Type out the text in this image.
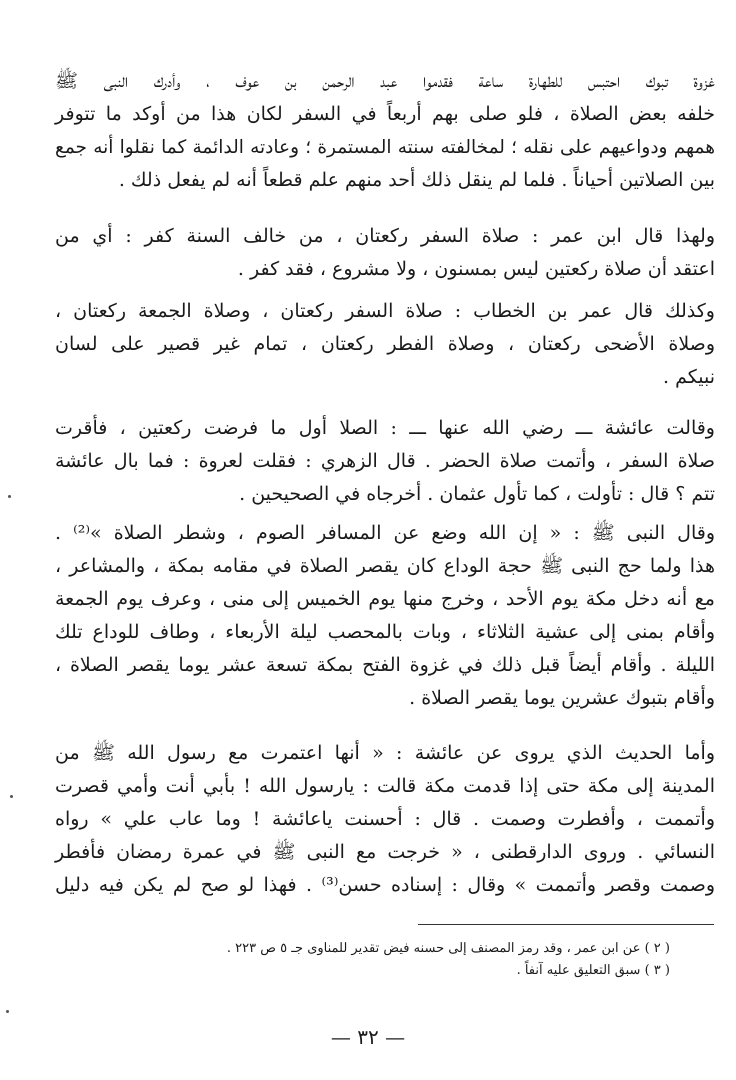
غزوة تبوك احتبس للطهارة ساعة فقدموا عبد الرحمن بن عوف ، وأدرك النبى ﷺ
خلفه بعض الصلاة ، فلو صلى بهم أربعاً في السفر لكان هذا من أوكد ما تتوفر
همهم ودواعيهم على نقله ؛ لمخالفته سنته المستمرة ؛ وعادته الدائمة كما نقلوا أنه جمع
بين الصلاتين أحياناً . فلما لم ينقل ذلك أحد منهم علم قطعاً أنه لم يفعل ذلك .
ولهذا قال ابن عمر : صلاة السفر ركعتان ، من خالف السنة كفر : أي من
اعتقد أن صلاة ركعتين ليس بمسنون ، ولا مشروع ، فقد كفر .
وكذلك قال عمر بن الخطاب : صلاة السفر ركعتان ، وصلاة الجمعة ركعتان ،
وصلاة الأضحى ركعتان ، وصلاة الفطر ركعتان ، تمام غير قصير على لسان
نبيكم .
وقالت عائشة ـــ رضي الله عنها ـــ : الصلا أول ما فرضت ركعتين ، فأقرت
صلاة السفر ، وأتمت صلاة الحضر . قال الزهري : فقلت لعروة : فما بال عائشة
تتم ؟ قال : تأولت ، كما تأول عثمان . أخرجاه في الصحيحين .
وقال النبى ﷺ : « إن الله وضع عن المسافر الصوم ، وشطر الصلاة »⁽²⁾ .
هذا ولما حج النبى ﷺ حجة الوداع كان يقصر الصلاة في مقامه بمكة ، والمشاعر ،
مع أنه دخل مكة يوم الأحد ، وخرج منها يوم الخميس إلى منى ، وعرف يوم الجمعة
وأقام بمنى إلى عشية الثلاثاء ، وبات بالمحصب ليلة الأربعاء ، وطاف للوداع تلك
الليلة . وأقام أيضاً قبل ذلك في غزوة الفتح بمكة تسعة عشر يوما يقصر الصلاة ،
وأقام بتبوك عشرين يوما يقصر الصلاة .
وأما الحديث الذي يروى عن عائشة : « أنها اعتمرت مع رسول الله ﷺ من
المدينة إلى مكة حتى إذا قدمت مكة قالت : يارسول الله ! بأبي أنت وأمي قصرت
وأتممت ، وأفطرت وصمت . قال : أحسنت ياعائشة ! وما عاب علي » رواه
النسائي . وروى الدارقطنى ، « خرجت مع النبى ﷺ في عمرة رمضان فأفطر
وصمت وقصر وأتممت » وقال : إسناده حسن⁽³⁾ . فهذا لو صح لم يكن فيه دليل
( ٢ ) عن ابن عمر ، وقد رمز المصنف إلى حسنه فيض تقدير للمناوى جـ ٥ ص ٢٢٣ .
( ٣ ) سبق التعليق عليه آنفاً .
— ٣٢ —
